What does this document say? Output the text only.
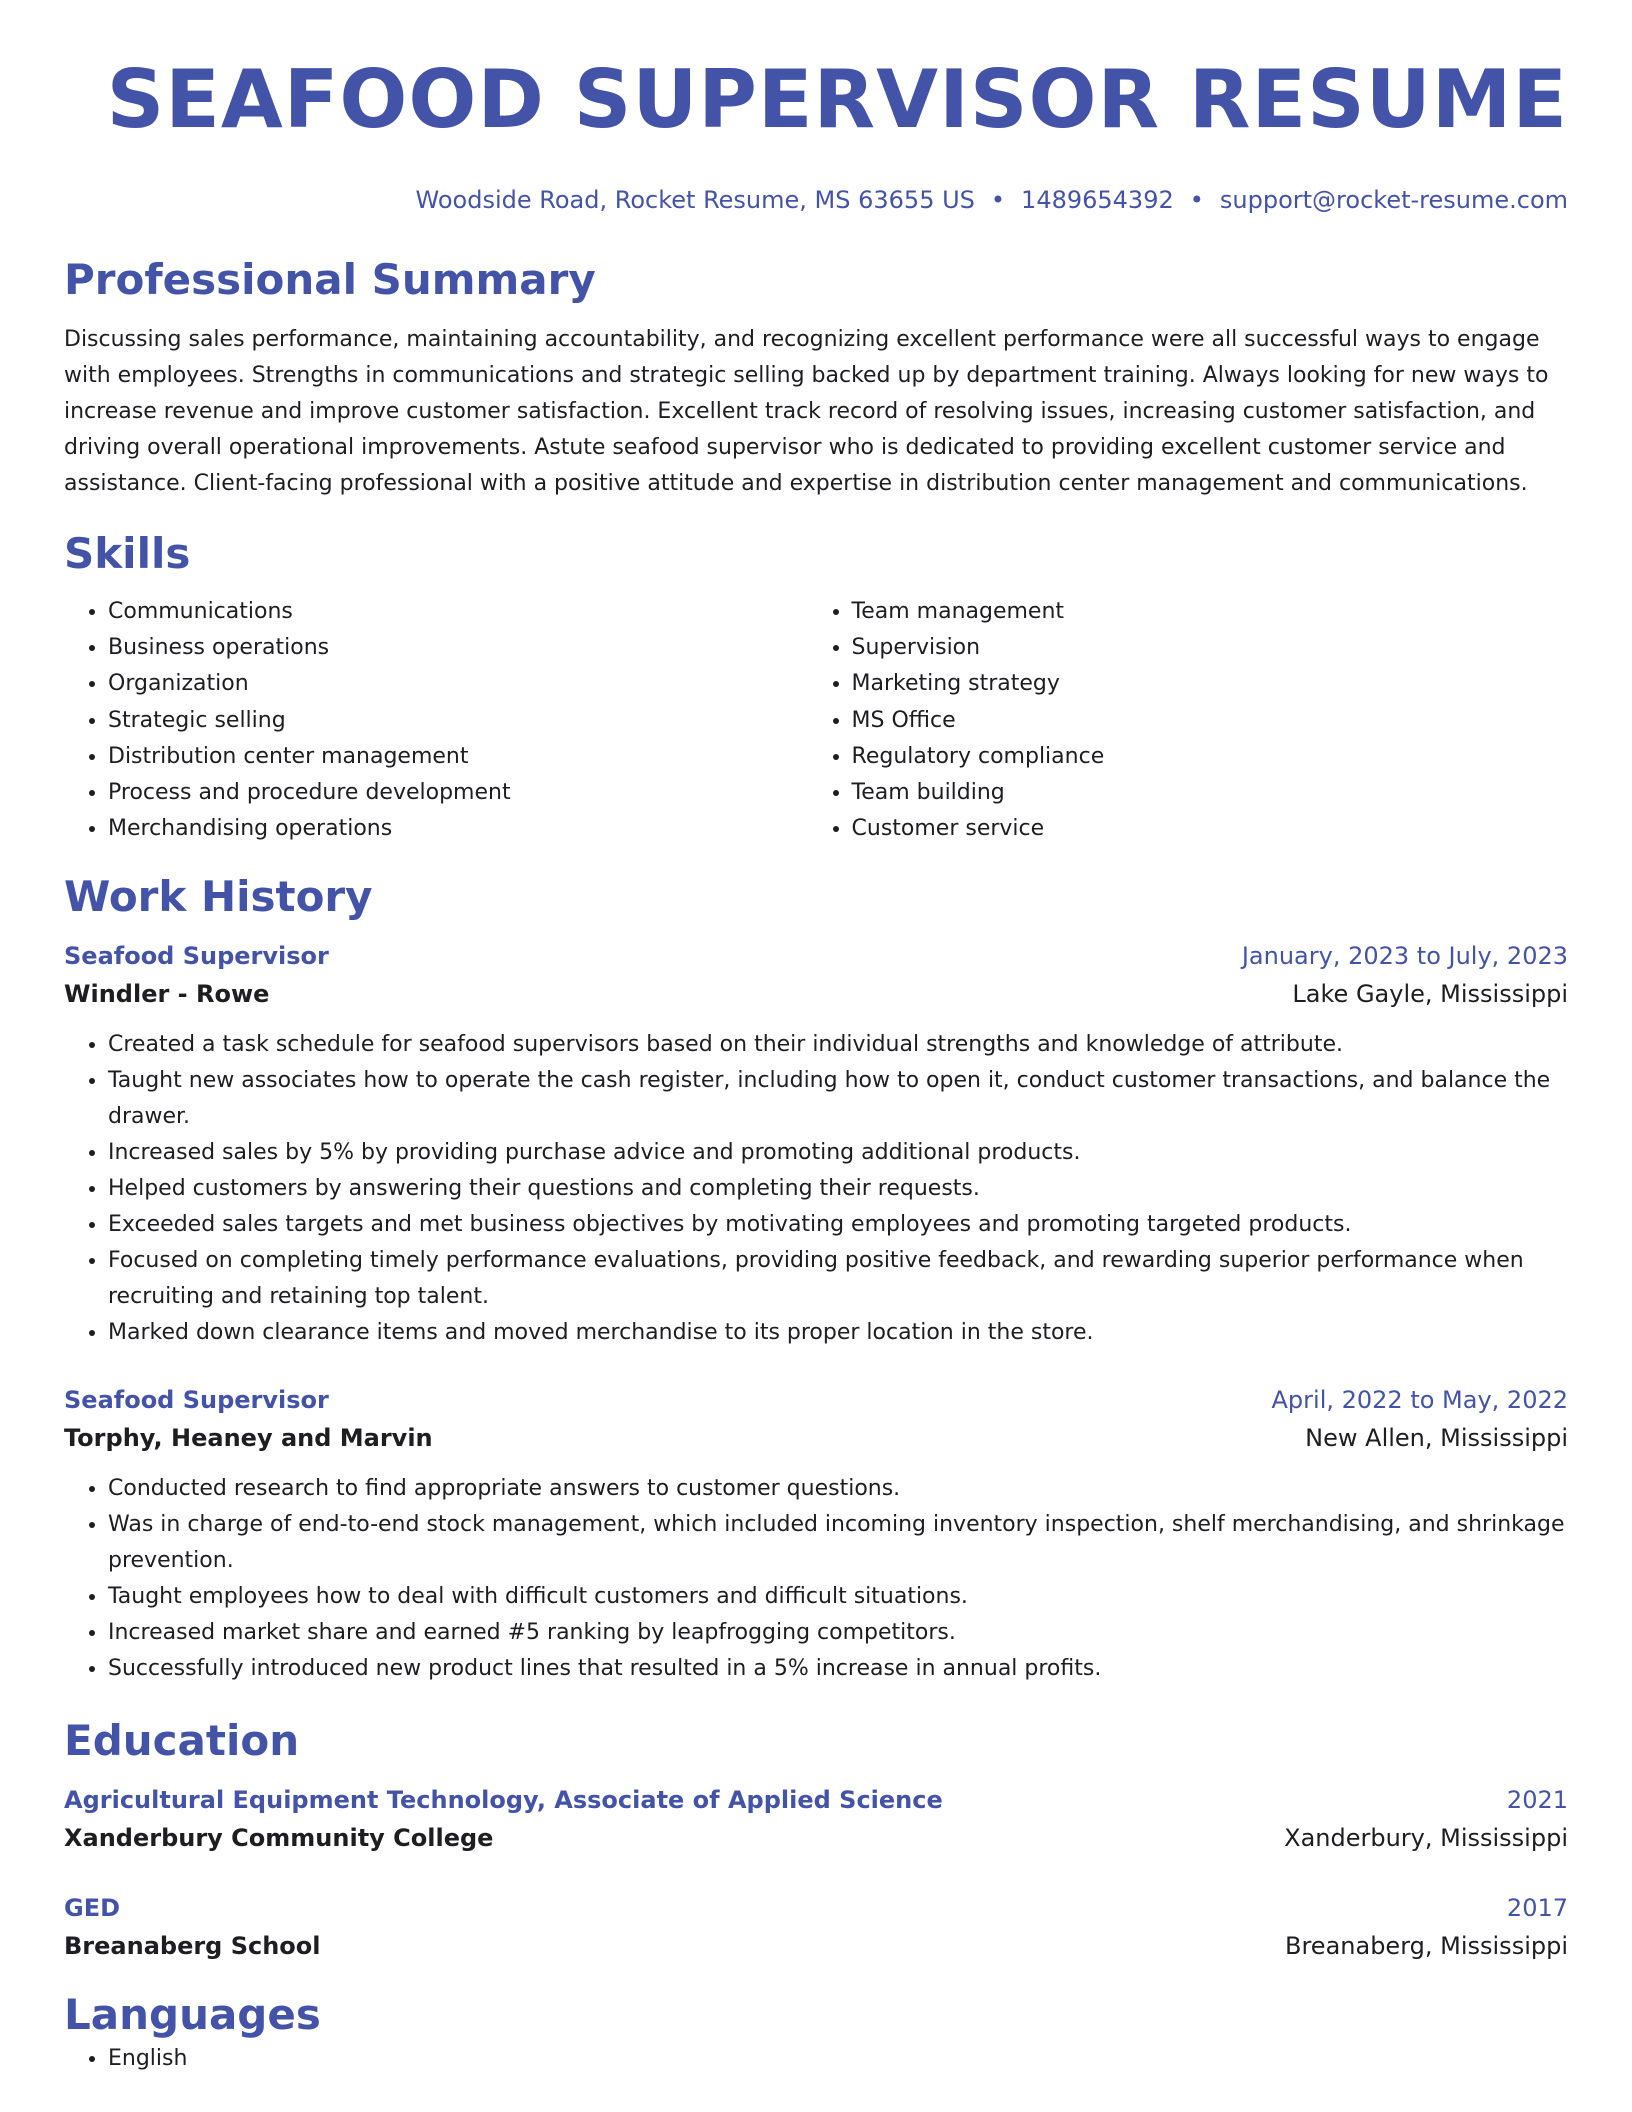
SEAFOOD SUPERVISOR RESUME
Woodside Road, Rocket Resume, MS 63655 US • 1489654392 • support@rocket-resume.com
Professional Summary
Discussing sales performance, maintaining accountability, and recognizing excellent performance were all successful ways to engage with employees. Strengths in communications and strategic selling backed up by department training. Always looking for new ways to increase revenue and improve customer satisfaction. Excellent track record of resolving issues, increasing customer satisfaction, and driving overall operational improvements. Astute seafood supervisor who is dedicated to providing excellent customer service and assistance. Client-facing professional with a positive attitude and expertise in distribution center management and communications.
Skills
• Communications
• Business operations
• Organization
• Strategic selling
• Distribution center management
• Process and procedure development
• Merchandising operations
• Team management
• Supervision
• Marketing strategy
• MS Office
• Regulatory compliance
• Team building
• Customer service
Work History
Seafood Supervisor	January, 2023 to July, 2023
Windler - Rowe	Lake Gayle, Mississippi
• Created a task schedule for seafood supervisors based on their individual strengths and knowledge of attribute.
• Taught new associates how to operate the cash register, including how to open it, conduct customer transactions, and balance the drawer.
• Increased sales by 5% by providing purchase advice and promoting additional products.
• Helped customers by answering their questions and completing their requests.
• Exceeded sales targets and met business objectives by motivating employees and promoting targeted products.
• Focused on completing timely performance evaluations, providing positive feedback, and rewarding superior performance when recruiting and retaining top talent.
• Marked down clearance items and moved merchandise to its proper location in the store.
Seafood Supervisor	April, 2022 to May, 2022
Torphy, Heaney and Marvin	New Allen, Mississippi
• Conducted research to find appropriate answers to customer questions.
• Was in charge of end-to-end stock management, which included incoming inventory inspection, shelf merchandising, and shrinkage prevention.
• Taught employees how to deal with difficult customers and difficult situations.
• Increased market share and earned #5 ranking by leapfrogging competitors.
• Successfully introduced new product lines that resulted in a 5% increase in annual profits.
Education
Agricultural Equipment Technology, Associate of Applied Science	2021
Xanderbury Community College	Xanderbury, Mississippi
GED	2017
Breanaberg School	Breanaberg, Mississippi
Languages
• English
